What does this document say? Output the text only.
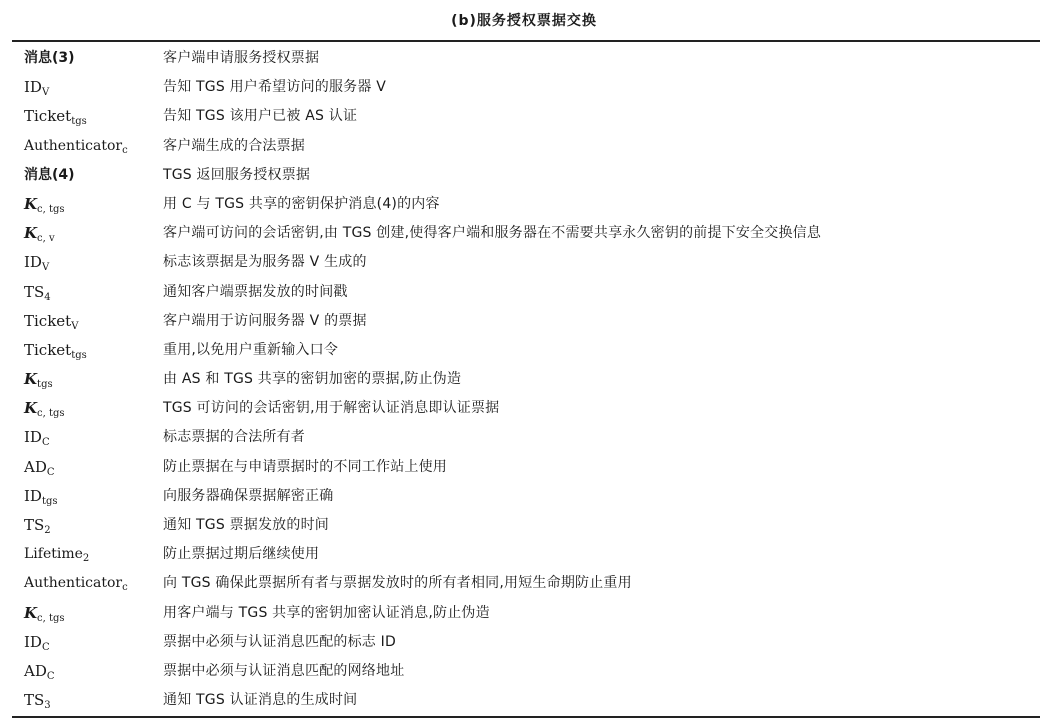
(b)服务授权票据交换
消息(3)	客户端申请服务授权票据
$ID_V$	告知 TGS 用户希望访问的服务器 V
Ticket$_{tgs}$	告知 TGS 该用户已被 AS 认证
Authenticator$_c$	客户端生成的合法票据
消息(4)	TGS 返回服务授权票据
$K_{c, tgs}$	用 C 与 TGS 共享的密钥保护消息(4)的内容
$K_{c, v}$	客户端可访问的会话密钥,由 TGS 创建,使得客户端和服务器在不需要共享永久密钥的前提下安全交换信息
$ID_V$	标志该票据是为服务器 V 生成的
$TS_4$	通知客户端票据发放的时间戳
Ticket$_V$	客户端用于访问服务器 V 的票据
Ticket$_{tgs}$	重用,以免用户重新输入口令
$K_{tgs}$	由 AS 和 TGS 共享的密钥加密的票据,防止伪造
$K_{c, tgs}$	TGS 可访问的会话密钥,用于解密认证消息即认证票据
$ID_C$	标志票据的合法所有者
$AD_C$	防止票据在与申请票据时的不同工作站上使用
$ID_{tgs}$	向服务器确保票据解密正确
$TS_2$	通知 TGS 票据发放的时间
Lifetime$_2$	防止票据过期后继续使用
Authenticator$_c$	向 TGS 确保此票据所有者与票据发放时的所有者相同,用短生命期防止重用
$K_{c, tgs}$	用客户端与 TGS 共享的密钥加密认证消息,防止伪造
$ID_C$	票据中必须与认证消息匹配的标志 ID
$AD_C$	票据中必须与认证消息匹配的网络地址
$TS_3$	通知 TGS 认证消息的生成时间
